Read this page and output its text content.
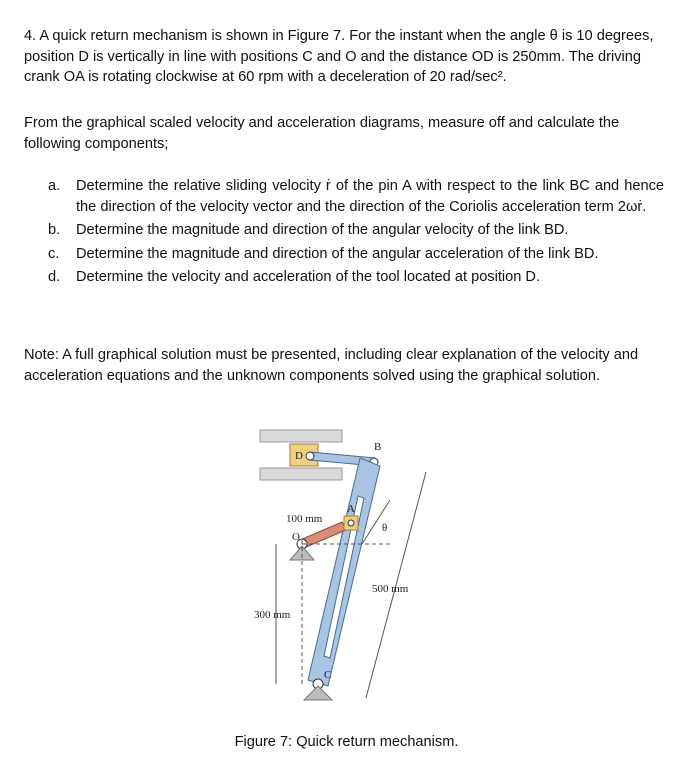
4. A quick return mechanism is shown in Figure 7. For the instant when the angle θ is 10 degrees, position D is vertically in line with positions C and O and the distance OD is 250mm. The driving crank OA is rotating clockwise at 60 rpm with a deceleration of 20 rad/sec².

From the graphical scaled velocity and acceleration diagrams, measure off and calculate the following components;

a. Determine the relative sliding velocity ṙ of the pin A with respect to the link BC and hence the direction of the velocity vector and the direction of the Coriolis acceleration term 2ωṙ.
b. Determine the magnitude and direction of the angular velocity of the link BD.
c. Determine the magnitude and direction of the angular acceleration of the link BD.
d. Determine the velocity and acceleration of the tool located at position D.

Note: A full graphical solution must be presented, including clear explanation of the velocity and acceleration equations and the unknown components solved using the graphical solution.

D
B
A
O
100 mm
C
300 mm
500 mm
θ
Figure 7: Quick return mechanism.
